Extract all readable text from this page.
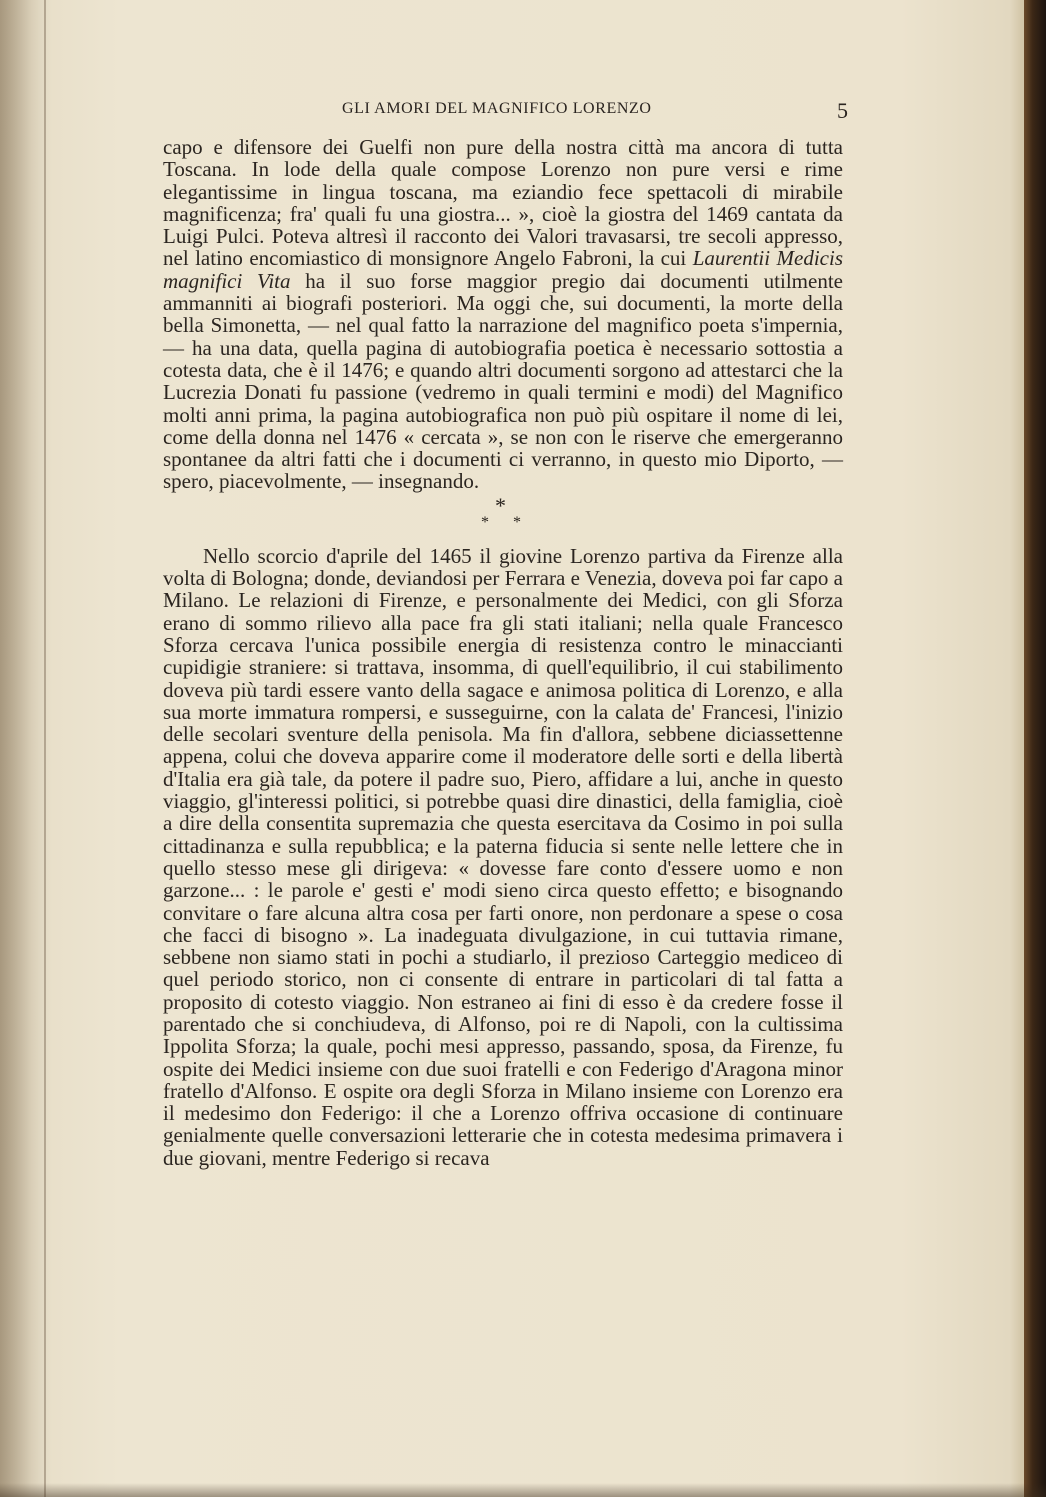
GLI AMORI DEL MAGNIFICO LORENZO	5

capo e difensore dei Guelfi non pure della nostra città ma ancora di tutta Toscana. In lode della quale compose Lorenzo non pure versi e rime elegantissime in lingua toscana, ma eziandio fece spettacoli di mirabile magnificenza; fra' quali fu una giostra... », cioè la giostra del 1469 cantata da Luigi Pulci. Poteva altresì il racconto dei Valori travasarsi, tre secoli appresso, nel latino encomiastico di monsignore Angelo Fabroni, la cui Laurentii Medicis magnifici Vita ha il suo forse maggior pregio dai documenti utilmente ammanniti ai biografi posteriori. Ma oggi che, sui documenti, la morte della bella Simonetta, — nel qual fatto la narrazione del magnifico poeta s'impernia, — ha una data, quella pagina di autobiografia poetica è necessario sottostia a cotesta data, che è il 1476; e quando altri documenti sorgono ad attestarci che la Lucrezia Donati fu passione (vedremo in quali termini e modi) del Magnifico molti anni prima, la pagina autobiografica non può più ospitare il nome di lei, come della donna nel 1476 « cercata », se non con le riserve che emergeranno spontanee da altri fatti che i documenti ci verranno, in questo mio Diporto, — spero, piacevolmente, — insegnando.

*
* *

Nello scorcio d'aprile del 1465 il giovine Lorenzo partiva da Firenze alla volta di Bologna; donde, deviandosi per Ferrara e Venezia, doveva poi far capo a Milano. Le relazioni di Firenze, e personalmente dei Medici, con gli Sforza erano di sommo rilievo alla pace fra gli stati italiani; nella quale Francesco Sforza cercava l'unica possibile energia di resistenza contro le minaccianti cupidigie straniere: si trattava, insomma, di quell'equilibrio, il cui stabilimento doveva più tardi essere vanto della sagace e animosa politica di Lorenzo, e alla sua morte immatura rompersi, e susseguirne, con la calata de' Francesi, l'inizio delle secolari sventure della penisola. Ma fin d'allora, sebbene diciassettenne appena, colui che doveva apparire come il moderatore delle sorti e della libertà d'Italia era già tale, da potere il padre suo, Piero, affidare a lui, anche in questo viaggio, gl'interessi politici, si potrebbe quasi dire dinastici, della famiglia, cioè a dire della consentita supremazia che questa esercitava da Cosimo in poi sulla cittadinanza e sulla repubblica; e la paterna fiducia si sente nelle lettere che in quello stesso mese gli dirigeva: « dovesse fare conto d'essere uomo e non garzone... : le parole e' gesti e' modi sieno circa questo effetto; e bisognando convitare o fare alcuna altra cosa per farti onore, non perdonare a spese o cosa che facci di bisogno ». La inadeguata divulgazione, in cui tuttavia rimane, sebbene non siamo stati in pochi a studiarlo, il prezioso Carteggio mediceo di quel periodo storico, non ci consente di entrare in particolari di tal fatta a proposito di cotesto viaggio. Non estraneo ai fini di esso è da credere fosse il parentado che si conchiudeva, di Alfonso, poi re di Napoli, con la cultissima Ippolita Sforza; la quale, pochi mesi appresso, passando, sposa, da Firenze, fu ospite dei Medici insieme con due suoi fratelli e con Federigo d'Aragona minor fratello d'Alfonso. E ospite ora degli Sforza in Milano insieme con Lorenzo era il medesimo don Federigo: il che a Lorenzo offriva occasione di continuare genialmente quelle conversazioni letterarie che in cotesta medesima primavera i due giovani, mentre Federigo si recava
